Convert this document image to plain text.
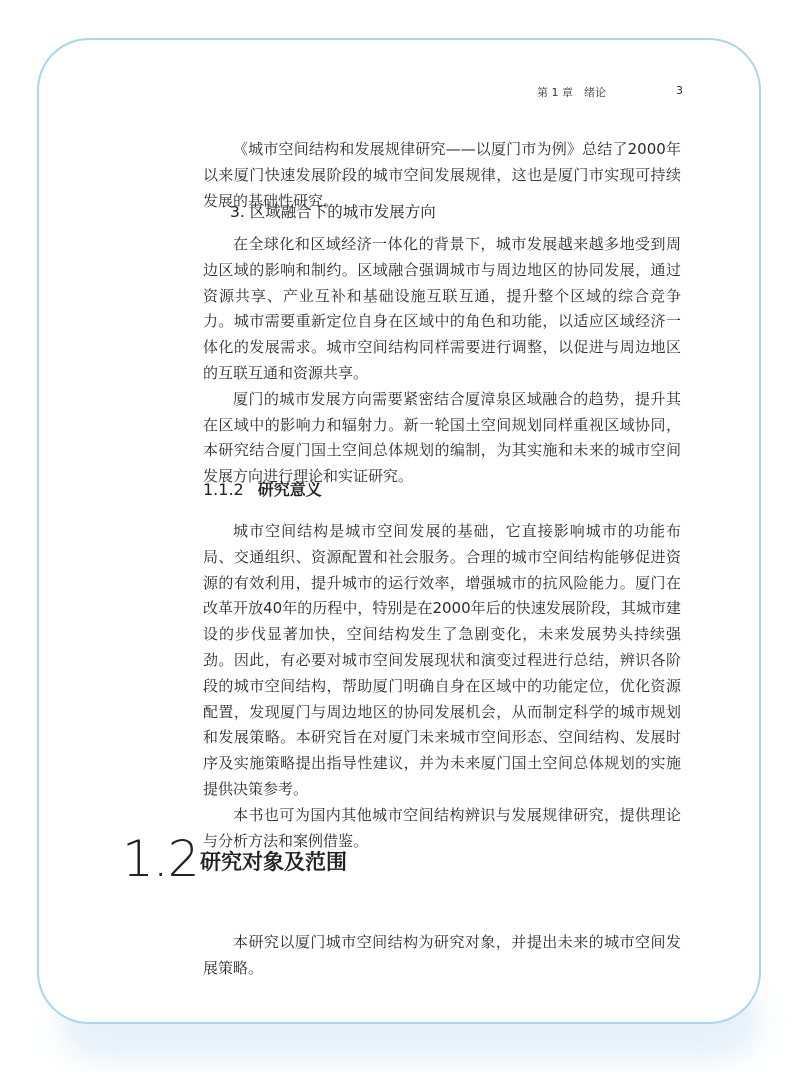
第 1 章　绪论	3

《城市空间结构和发展规律研究——以厦门市为例》总结了2000年以来厦门快速发展阶段的城市空间发展规律，这也是厦门市实现可持续发展的基础性研究。

3. 区域融合下的城市发展方向

在全球化和区域经济一体化的背景下，城市发展越来越多地受到周边区域的影响和制约。区域融合强调城市与周边地区的协同发展，通过资源共享、产业互补和基础设施互联互通，提升整个区域的综合竞争力。城市需要重新定位自身在区域中的角色和功能，以适应区域经济一体化的发展需求。城市空间结构同样需要进行调整，以促进与周边地区的互联互通和资源共享。

厦门的城市发展方向需要紧密结合厦漳泉区域融合的趋势，提升其在区域中的影响力和辐射力。新一轮国土空间规划同样重视区域协同，本研究结合厦门国土空间总体规划的编制，为其实施和未来的城市空间发展方向进行理论和实证研究。

1.1.2 研究意义

城市空间结构是城市空间发展的基础，它直接影响城市的功能布局、交通组织、资源配置和社会服务。合理的城市空间结构能够促进资源的有效利用，提升城市的运行效率，增强城市的抗风险能力。厦门在改革开放40年的历程中，特别是在2000年后的快速发展阶段，其城市建设的步伐显著加快，空间结构发生了急剧变化，未来发展势头持续强劲。因此，有必要对城市空间发展现状和演变过程进行总结，辨识各阶段的城市空间结构，帮助厦门明确自身在区域中的功能定位，优化资源配置，发现厦门与周边地区的协同发展机会，从而制定科学的城市规划和发展策略。本研究旨在对厦门未来城市空间形态、空间结构、发展时序及实施策略提出指导性建议，并为未来厦门国土空间总体规划的实施提供决策参考。

本书也可为国内其他城市空间结构辨识与发展规律研究，提供理论与分析方法和案例借鉴。

1.2 研究对象及范围

本研究以厦门城市空间结构为研究对象，并提出未来的城市空间发展策略。
